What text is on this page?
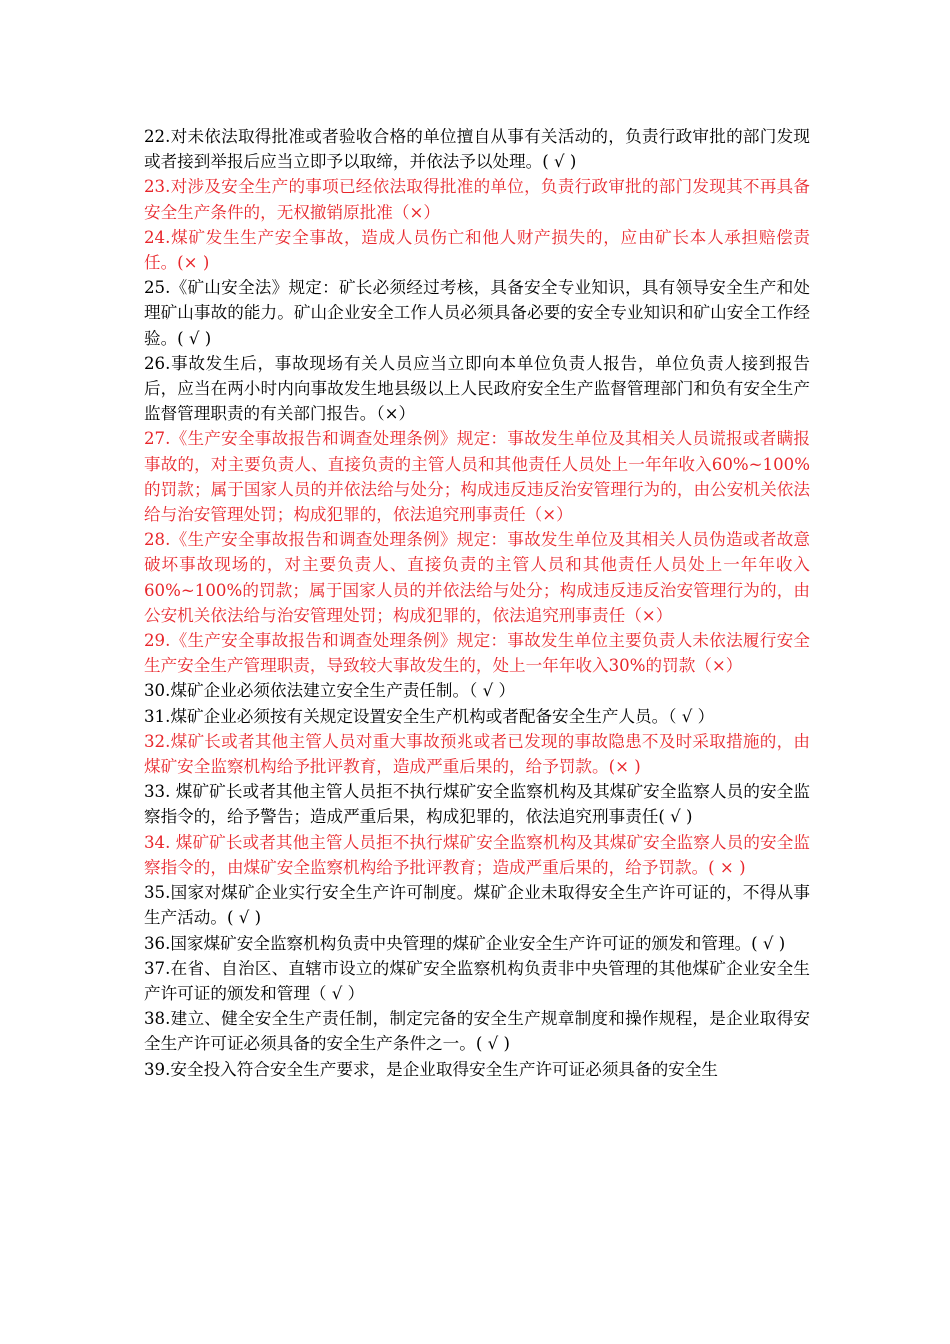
22.对未依法取得批准或者验收合格的单位擅自从事有关活动的，负责行政审批的部门发现或者接到举报后应当立即予以取缔，并依法予以处理。( √ )

23.对涉及安全生产的事项已经依法取得批准的单位，负责行政审批的部门发现其不再具备安全生产条件的，无权撤销原批准（×）

24.煤矿发生生产安全事故，造成人员伤亡和他人财产损失的，应由矿长本人承担赔偿责任。(× )

25.《矿山安全法》规定：矿长必须经过考核，具备安全专业知识，具有领导安全生产和处理矿山事故的能力。矿山企业安全工作人员必须具备必要的安全专业知识和矿山安全工作经验。( √ )

26.事故发生后，事故现场有关人员应当立即向本单位负责人报告，单位负责人接到报告后，应当在两小时内向事故发生地县级以上人民政府安全生产监督管理部门和负有安全生产监督管理职责的有关部门报告。（×）

27.《生产安全事故报告和调查处理条例》规定：事故发生单位及其相关人员谎报或者瞒报事故的，对主要负责人、直接负责的主管人员和其他责任人员处上一年年收入60%~100%的罚款；属于国家人员的并依法给与处分；构成违反违反治安管理行为的，由公安机关依法给与治安管理处罚；构成犯罪的，依法追究刑事责任（×）

28.《生产安全事故报告和调查处理条例》规定：事故发生单位及其相关人员伪造或者故意破坏事故现场的，对主要负责人、直接负责的主管人员和其他责任人员处上一年年收入60%~100%的罚款；属于国家人员的并依法给与处分；构成违反违反治安管理行为的，由公安机关依法给与治安管理处罚；构成犯罪的，依法追究刑事责任（×）

29.《生产安全事故报告和调查处理条例》规定：事故发生单位主要负责人未依法履行安全生产安全生产管理职责，导致较大事故发生的，处上一年年收入30%的罚款（×）

30.煤矿企业必须依法建立安全生产责任制。（ √ ）

31.煤矿企业必须按有关规定设置安全生产机构或者配备安全生产人员。（ √ ）

32.煤矿长或者其他主管人员对重大事故预兆或者已发现的事故隐患不及时采取措施的，由煤矿安全监察机构给予批评教育，造成严重后果的，给予罚款。(× )

33. 煤矿矿长或者其他主管人员拒不执行煤矿安全监察机构及其煤矿安全监察人员的安全监察指令的，给予警告；造成严重后果，构成犯罪的，依法追究刑事责任( √ )

34. 煤矿矿长或者其他主管人员拒不执行煤矿安全监察机构及其煤矿安全监察人员的安全监察指令的，由煤矿安全监察机构给予批评教育；造成严重后果的，给予罚款。( × )

35.国家对煤矿企业实行安全生产许可制度。煤矿企业未取得安全生产许可证的，不得从事生产活动。( √ )

36.国家煤矿安全监察机构负责中央管理的煤矿企业安全生产许可证的颁发和管理。( √ )

37.在省、自治区、直辖市设立的煤矿安全监察机构负责非中央管理的其他煤矿企业安全生产许可证的颁发和管理（ √ ）

38.建立、健全安全生产责任制，制定完备的安全生产规章制度和操作规程，是企业取得安全生产许可证必须具备的安全生产条件之一。( √ )

39.安全投入符合安全生产要求，是企业取得安全生产许可证必须具备的安全生
